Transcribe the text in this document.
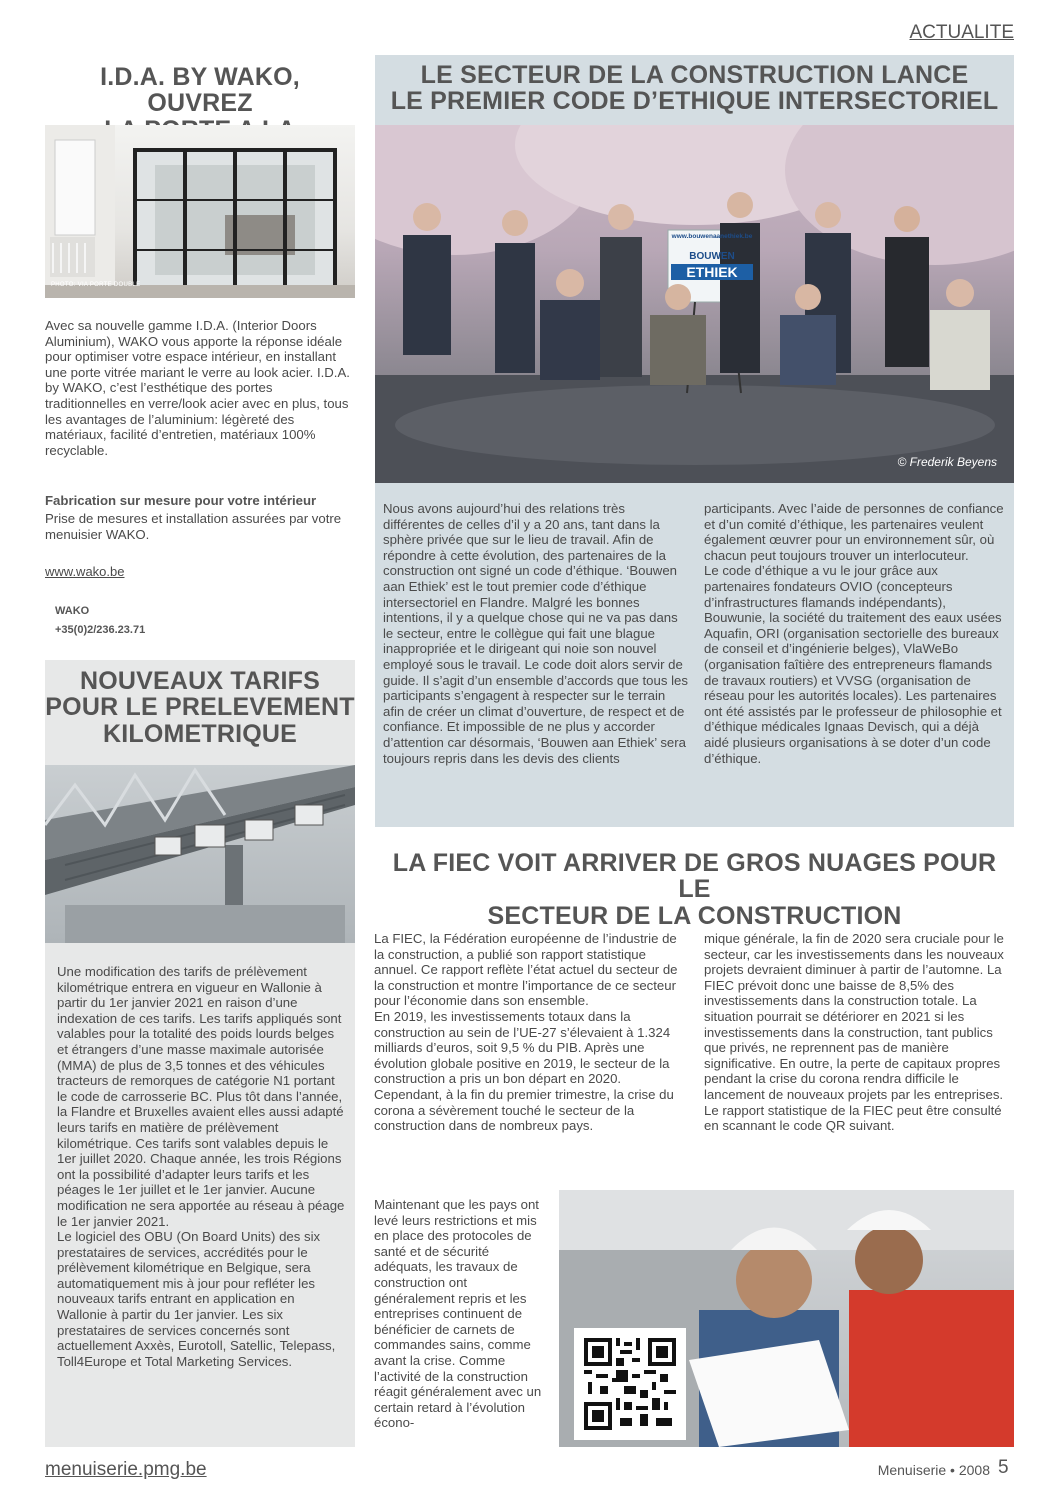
ACTUALITE
I.D.A. BY WAKO, OUVREZ
PHOTO: VIA PORTE DOUBLE

Avec sa nouvelle gamme I.D.A. (Interior Doors Aluminium), WAKO vous apporte la réponse idéale pour optimiser votre espace intérieur, en installant une porte vitrée mariant le verre au look acier. I.D.A. by WAKO, c’est l’esthétique des portes traditionnelles en verre/look acier avec en plus, tous les avantages de l’aluminium: légèreté des matériaux, facilité d’entretien, matériaux 100% recyclable.

Fabrication sur mesure pour votre intérieur

Prise de mesures et installation assurées par votre menuisier WAKO.

www.wako.be
WAKO
+35(0)2/236.23.71
NOUVEAUX TARIFS
POUR LE PRELEVEMENT
KILOMETRIQUE

Une modification des tarifs de prélèvement kilométrique entrera en vigueur en Wallonie à partir du 1er janvier 2021 en raison d’une indexation de ces tarifs. Les tarifs appliqués sont valables pour la totalité des poids lourds belges et étrangers d’une masse maximale autorisée (MMA) de plus de 3,5 tonnes et des véhicules tracteurs de remorques de catégorie N1 portant le code de carrosserie BC. Plus tôt dans l’année, la Flandre et Bruxelles avaient elles aussi adapté leurs tarifs en matière de prélèvement kilométrique. Ces tarifs sont valables depuis le 1er juillet 2020. Chaque année, les trois Régions ont la possibilité d’adapter leurs tarifs et les péages le 1er juillet et le 1er janvier. Aucune modification ne sera apportée au réseau à péage le 1er janvier 2021.
Le logiciel des OBU (On Board Units) des six prestataires de services, accrédités pour le prélèvement kilométrique en Belgique, sera automatiquement mis à jour pour refléter les nouveaux tarifs entrant en application en Wallonie à partir du 1er janvier. Les six prestataires de services concernés sont actuellement Axxès, Eurotoll, Satellic, Telepass, Toll4Europe et Total Marketing Services.

LE SECTEUR DE LA CONSTRUCTION LANCE
LE PREMIER CODE D’ETHIQUE INTERSECTORIEL
www.bouwenaanethiek.be
BOUWEN
ETHIEK
© Frederik Beyens

Nous avons aujourd’hui des relations très différentes de celles d’il y a 20 ans, tant dans la sphère privée que sur le lieu de travail. Afin de répondre à cette évolution, des partenaires de la construction ont signé un code d’éthique. ‘Bouwen aan Ethiek’ est le tout premier code d’éthique intersectoriel en Flandre. Malgré les bonnes intentions, il y a quelque chose qui ne va pas dans le secteur, entre le collègue qui fait une blague inappropriée et le dirigeant qui noie son nouvel employé sous le travail. Le code doit alors servir de guide. Il s’agit d’un ensemble d’accords que tous les participants s’engagent à respecter sur le terrain afin de créer un climat d’ouverture, de respect et de confiance. Et impossible de ne plus y accorder d’attention car désormais, ‘Bouwen aan Ethiek’ sera toujours repris dans les devis des clients

participants. Avec l’aide de personnes de confiance et d’un comité d’éthique, les partenaires veulent également œuvrer pour un environnement sûr, où chacun peut toujours trouver un interlocuteur.
Le code d’éthique a vu le jour grâce aux partenaires fondateurs OVIO (concepteurs d’infrastructures flamands indépendants), Bouwunie, la société du traitement des eaux usées Aquafin, ORI (organisation sectorielle des bureaux de conseil et d’ingénierie belges), VlaWeBo (organisation faîtière des entrepreneurs flamands de travaux routiers) et VVSG (organisation de réseau pour les autorités locales). Les partenaires ont été assistés par le professeur de philosophie et d’éthique médicales Ignaas Devisch, qui a déjà aidé plusieurs organisations à se doter d’un code d’éthique.

LA FIEC VOIT ARRIVER DE GROS NUAGES POUR LE
SECTEUR DE LA CONSTRUCTION

La FIEC, la Fédération européenne de l’industrie de la construction, a publié son rapport statistique annuel. Ce rapport reflète l’état actuel du secteur de la construction et montre l’importance de ce secteur pour l’économie dans son ensemble.
En 2019, les investissements totaux dans la construction au sein de l’UE-27 s’élevaient à 1.324 milliards d’euros, soit 9,5 % du PIB. Après une évolution globale positive en 2019, le secteur de la construction a pris un bon départ en 2020. Cependant, à la fin du premier trimestre, la crise du corona a sévèrement touché le secteur de la construction dans de nombreux pays.

Maintenant que les pays ont levé leurs restrictions et mis en place des protocoles de santé et de sécurité adéquats, les travaux de construction ont généralement repris et les entreprises continuent de bénéficier de carnets de commandes sains, comme avant la crise. Comme l’activité de la construction réagit généralement avec un certain retard à l’évolution écono-

mique générale, la fin de 2020 sera cruciale pour le secteur, car les investissements dans les nouveaux projets devraient diminuer à partir de l’automne. La FIEC prévoit donc une baisse de 8,5% des investissements dans la construction totale. La situation pourrait se détériorer en 2021 si les investissements dans la construction, tant publics que privés, ne reprennent pas de manière significative. En outre, la perte de capitaux propres pendant la crise du corona rendra difficile le lancement de nouveaux projets par les entreprises.
Le rapport statistique de la FIEC peut être consulté en scannant le code QR suivant.

menuiserie.pmg.be	Menuiserie • 2008 5
